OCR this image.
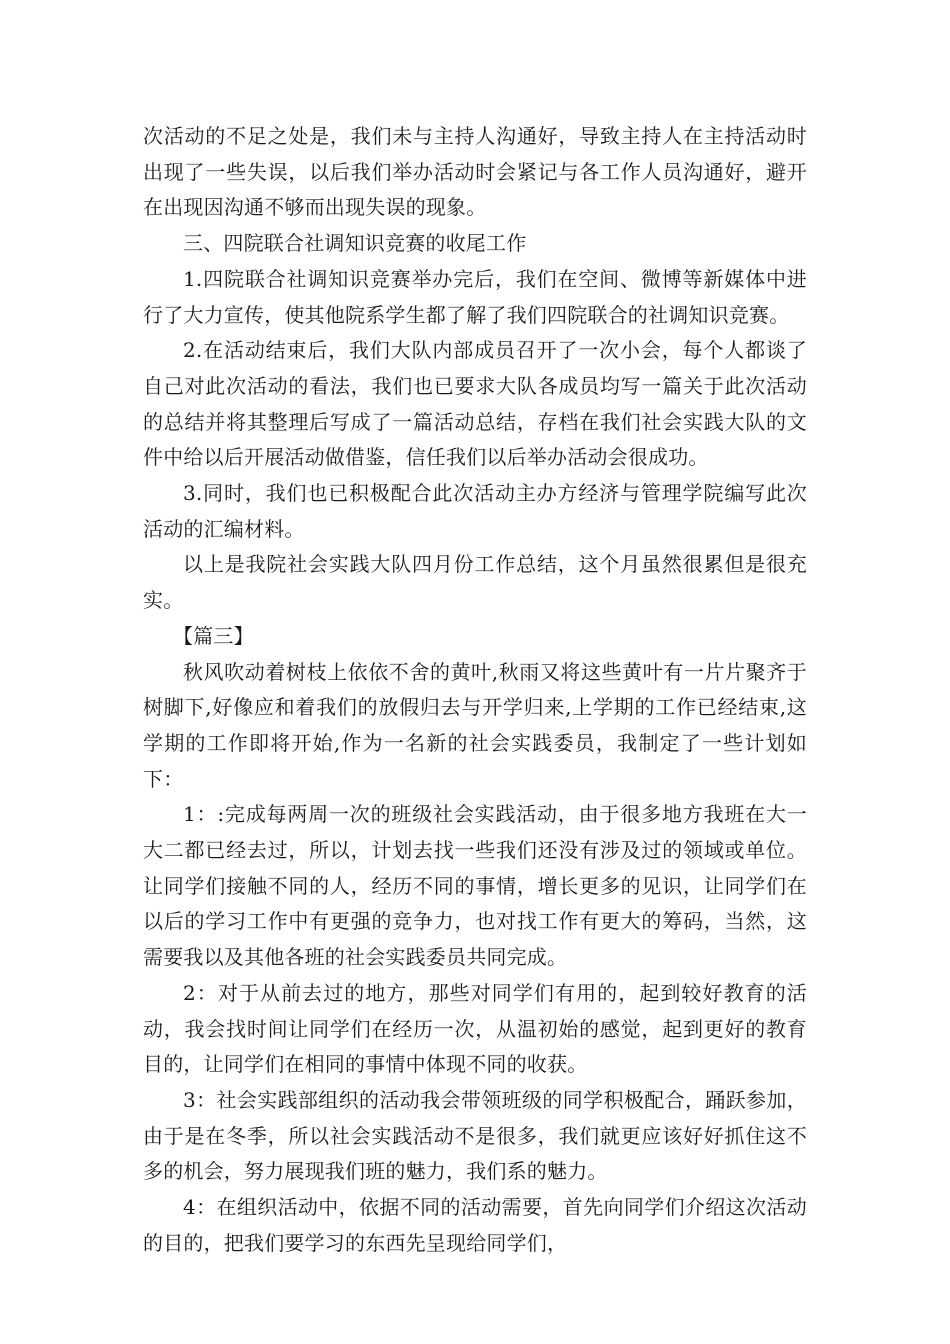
次活动的不足之处是，我们未与主持人沟通好，导致主持人在主持活动时出现了一些失误，以后我们举办活动时会紧记与各工作人员沟通好，避开在出现因沟通不够而出现失误的现象。

三、四院联合社调知识竞赛的收尾工作

1.四院联合社调知识竞赛举办完后，我们在空间、微博等新媒体中进行了大力宣传，使其他院系学生都了解了我们四院联合的社调知识竞赛。

2.在活动结束后，我们大队内部成员召开了一次小会，每个人都谈了自己对此次活动的看法，我们也已要求大队各成员均写一篇关于此次活动的总结并将其整理后写成了一篇活动总结，存档在我们社会实践大队的文件中给以后开展活动做借鉴，信任我们以后举办活动会很成功。

3.同时，我们也已积极配合此次活动主办方经济与管理学院编写此次活动的汇编材料。

以上是我院社会实践大队四月份工作总结，这个月虽然很累但是很充实。

【篇三】

秋风吹动着树枝上依依不舍的黄叶,秋雨又将这些黄叶有一片片聚齐于树脚下,好像应和着我们的放假归去与开学归来,上学期的工作已经结束,这学期的工作即将开始,作为一名新的社会实践委员，我制定了一些计划如下：

1：:完成每两周一次的班级社会实践活动，由于很多地方我班在大一大二都已经去过，所以，计划去找一些我们还没有涉及过的领域或单位。让同学们接触不同的人，经历不同的事情，增长更多的见识，让同学们在以后的学习工作中有更强的竞争力，也对找工作有更大的筹码，当然，这需要我以及其他各班的社会实践委员共同完成。

2：对于从前去过的地方，那些对同学们有用的，起到较好教育的活动，我会找时间让同学们在经历一次，从温初始的感觉，起到更好的教育目的，让同学们在相同的事情中体现不同的收获。

3：社会实践部组织的活动我会带领班级的同学积极配合，踊跃参加，由于是在冬季，所以社会实践活动不是很多，我们就更应该好好抓住这不多的机会，努力展现我们班的魅力，我们系的魅力。

4：在组织活动中，依据不同的活动需要，首先向同学们介绍这次活动的目的，把我们要学习的东西先呈现给同学们，
